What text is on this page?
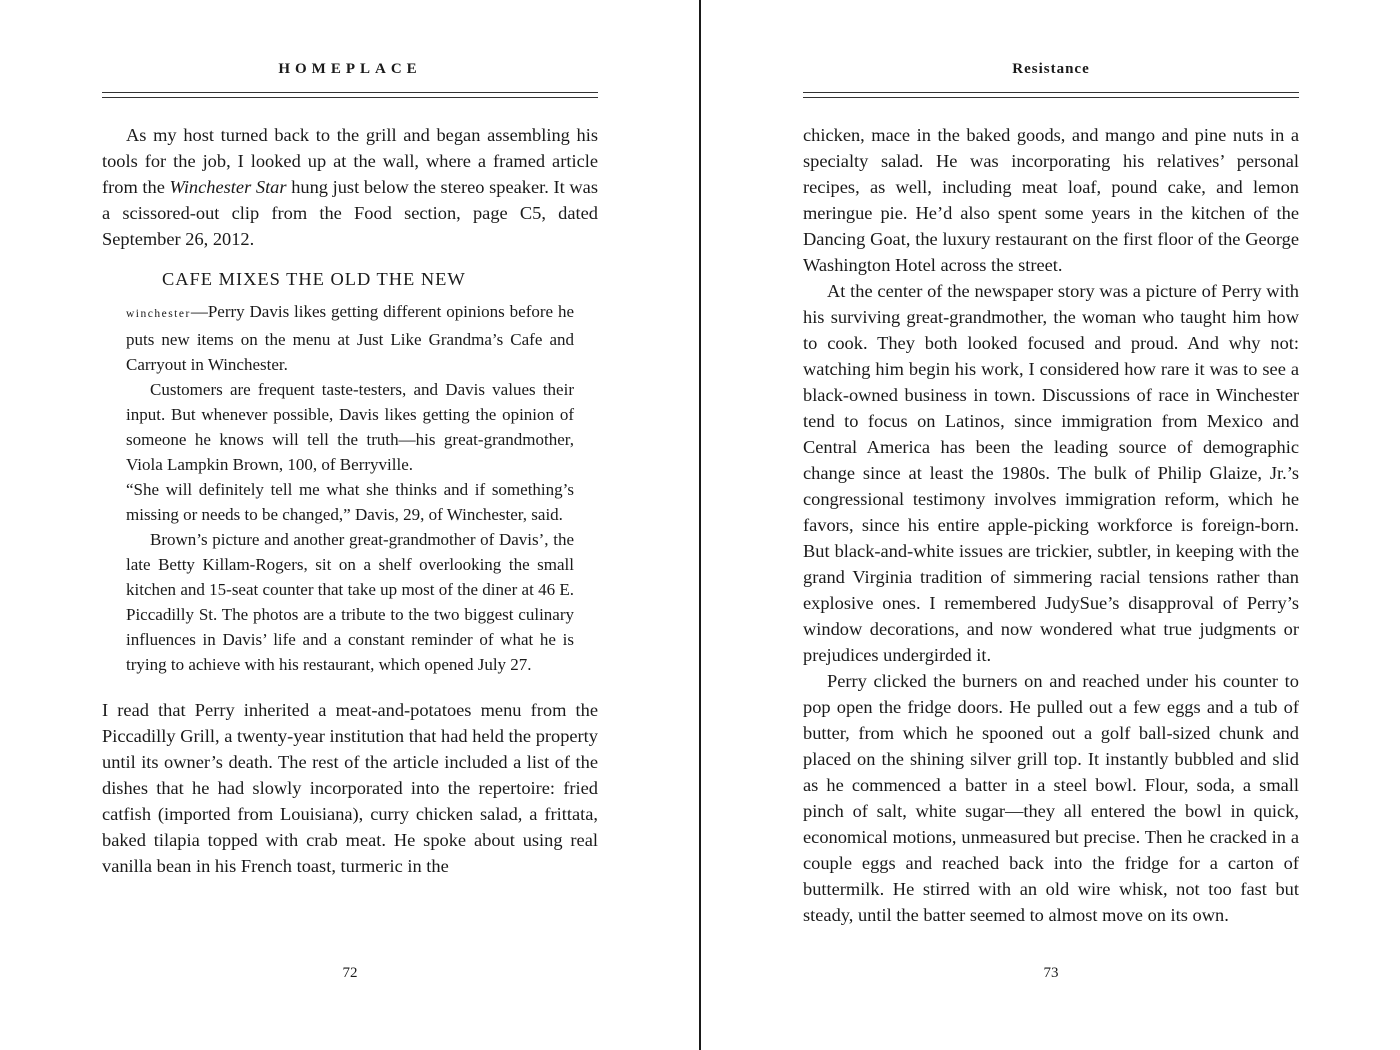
HOMEPLACE

As my host turned back to the grill and began assembling his tools for the job, I looked up at the wall, where a framed article from the Winchester Star hung just below the stereo speaker. It was a scissored-out clip from the Food section, page C5, dated September 26, 2012.

CAFE MIXES THE OLD THE NEW

winchester—Perry Davis likes getting different opinions before he puts new items on the menu at Just Like Grandma’s Cafe and Carryout in Winchester.

Customers are frequent taste-testers, and Davis values their input. But whenever possible, Davis likes getting the opinion of someone he knows will tell the truth—his great-grandmother, Viola Lampkin Brown, 100, of Berryville.

“She will definitely tell me what she thinks and if something’s missing or needs to be changed,” Davis, 29, of Winchester, said.

Brown’s picture and another great-grandmother of Davis’, the late Betty Killam-Rogers, sit on a shelf overlooking the small kitchen and 15-seat counter that take up most of the diner at 46 E. Piccadilly St. The photos are a tribute to the two biggest culinary influences in Davis’ life and a constant reminder of what he is trying to achieve with his restaurant, which opened July 27.

I read that Perry inherited a meat-and-potatoes menu from the Piccadilly Grill, a twenty-year institution that had held the property until its owner’s death. The rest of the article included a list of the dishes that he had slowly incorporated into the repertoire: fried catfish (imported from Louisiana), curry chicken salad, a frittata, baked tilapia topped with crab meat. He spoke about using real vanilla bean in his French toast, turmeric in the

72
Resistance

chicken, mace in the baked goods, and mango and pine nuts in a specialty salad. He was incorporating his relatives’ personal recipes, as well, including meat loaf, pound cake, and lemon meringue pie. He’d also spent some years in the kitchen of the Dancing Goat, the luxury restaurant on the first floor of the George Washington Hotel across the street.

At the center of the newspaper story was a picture of Perry with his surviving great-grandmother, the woman who taught him how to cook. They both looked focused and proud. And why not: watching him begin his work, I considered how rare it was to see a black-owned business in town. Discussions of race in Winchester tend to focus on Latinos, since immigration from Mexico and Central America has been the leading source of demographic change since at least the 1980s. The bulk of Philip Glaize, Jr.’s congressional testimony involves immigration reform, which he favors, since his entire apple-picking workforce is foreign-born. But black-and-white issues are trickier, subtler, in keeping with the grand Virginia tradition of simmering racial tensions rather than explosive ones. I remembered JudySue’s disapproval of Perry’s window decorations, and now wondered what true judgments or prejudices undergirded it.

Perry clicked the burners on and reached under his counter to pop open the fridge doors. He pulled out a few eggs and a tub of butter, from which he spooned out a golf ball-sized chunk and placed on the shining silver grill top. It instantly bubbled and slid as he commenced a batter in a steel bowl. Flour, soda, a small pinch of salt, white sugar—they all entered the bowl in quick, economical motions, unmeasured but precise. Then he cracked in a couple eggs and reached back into the fridge for a carton of buttermilk. He stirred with an old wire whisk, not too fast but steady, until the batter seemed to almost move on its own.

73
